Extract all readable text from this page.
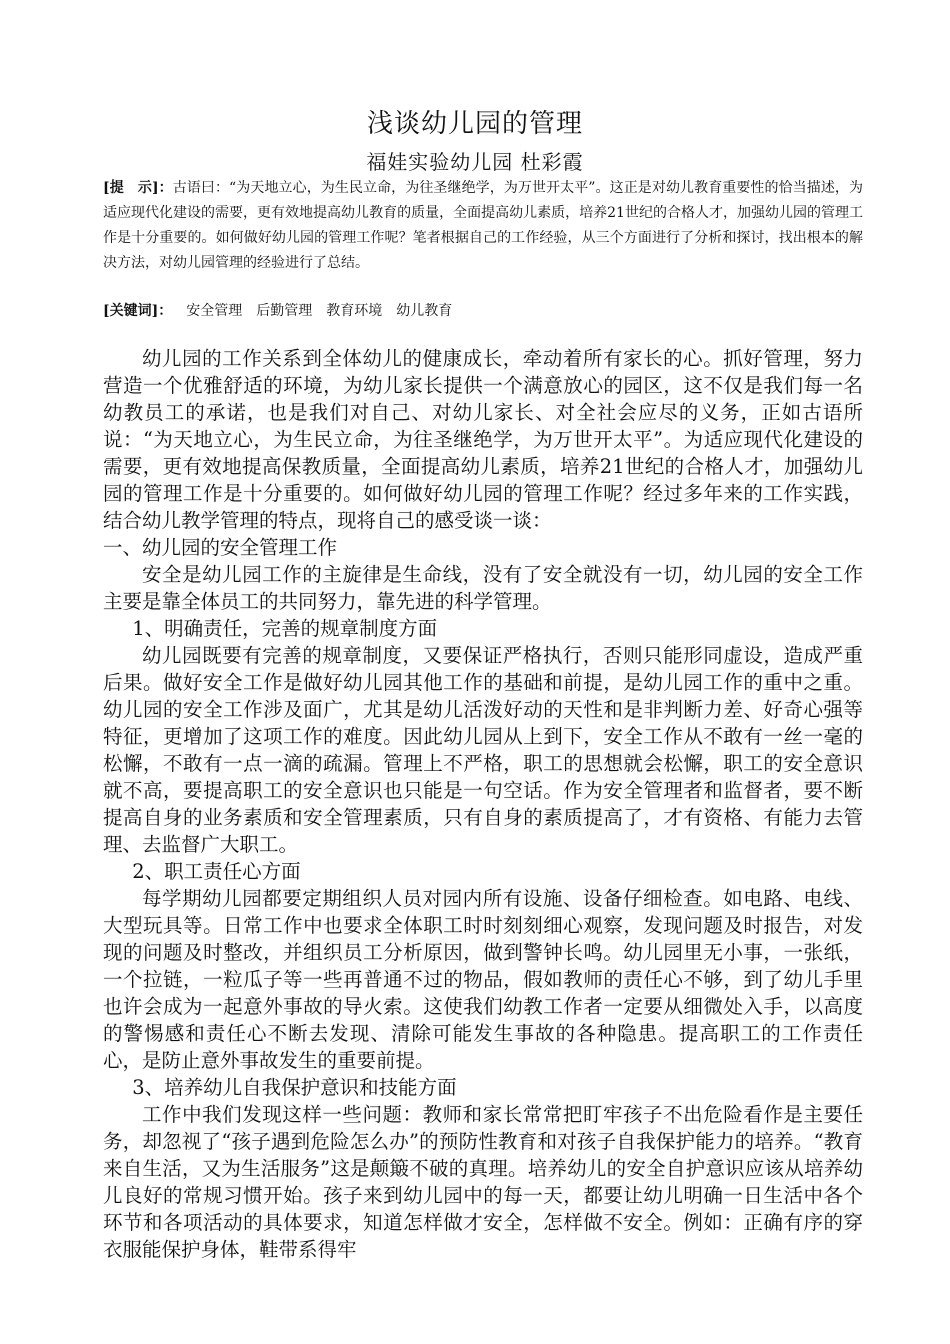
浅谈幼儿园的管理
福娃实验幼儿园 杜彩霞
[提　示]：古语曰：“为天地立心，为生民立命，为往圣继绝学，为万世开太平”。这正是对幼儿教育重要性的恰当描述，为适应现代化建设的需要，更有效地提高幼儿教育的质量，全面提高幼儿素质，培养21世纪的合格人才，加强幼儿园的管理工作是十分重要的。如何做好幼儿园的管理工作呢？笔者根据自己的工作经验，从三个方面进行了分析和探讨，找出根本的解决方法，对幼儿园管理的经验进行了总结。
[关键词]： 安全管理 后勤管理 教育环境 幼儿教育

幼儿园的工作关系到全体幼儿的健康成长，牵动着所有家长的心。抓好管理，努力营造一个优雅舒适的环境，为幼儿家长提供一个满意放心的园区，这不仅是我们每一名幼教员工的承诺，也是我们对自己、对幼儿家长、对全社会应尽的义务，正如古语所说：“为天地立心，为生民立命，为往圣继绝学，为万世开太平”。为适应现代化建设的需要，更有效地提高保教质量，全面提高幼儿素质，培养21世纪的合格人才，加强幼儿园的管理工作是十分重要的。如何做好幼儿园的管理工作呢？经过多年来的工作实践，结合幼儿教学管理的特点，现将自己的感受谈一谈：

一、幼儿园的安全管理工作

安全是幼儿园工作的主旋律是生命线，没有了安全就没有一切，幼儿园的安全工作主要是靠全体员工的共同努力，靠先进的科学管理。

1、明确责任，完善的规章制度方面

幼儿园既要有完善的规章制度，又要保证严格执行，否则只能形同虚设，造成严重后果。做好安全工作是做好幼儿园其他工作的基础和前提，是幼儿园工作的重中之重。幼儿园的安全工作涉及面广，尤其是幼儿活泼好动的天性和是非判断力差、好奇心强等特征，更增加了这项工作的难度。因此幼儿园从上到下，安全工作从不敢有一丝一毫的松懈，不敢有一点一滴的疏漏。管理上不严格，职工的思想就会松懈，职工的安全意识就不高，要提高职工的安全意识也只能是一句空话。作为安全管理者和监督者，要不断提高自身的业务素质和安全管理素质，只有自身的素质提高了，才有资格、有能力去管理、去监督广大职工。

2、职工责任心方面

每学期幼儿园都要定期组织人员对园内所有设施、设备仔细检查。如电路、电线、大型玩具等。日常工作中也要求全体职工时时刻刻细心观察，发现问题及时报告，对发现的问题及时整改，并组织员工分析原因，做到警钟长鸣。幼儿园里无小事，一张纸，一个拉链，一粒瓜子等一些再普通不过的物品，假如教师的责任心不够，到了幼儿手里也许会成为一起意外事故的导火索。这使我们幼教工作者一定要从细微处入手，以高度的警惕感和责任心不断去发现、清除可能发生事故的各种隐患。提高职工的工作责任心，是防止意外事故发生的重要前提。

3、培养幼儿自我保护意识和技能方面

工作中我们发现这样一些问题：教师和家长常常把盯牢孩子不出危险看作是主要任务，却忽视了“孩子遇到危险怎么办”的预防性教育和对孩子自我保护能力的培养。“教育来自生活，又为生活服务”这是颠簸不破的真理。培养幼儿的安全自护意识应该从培养幼儿良好的常规习惯开始。孩子来到幼儿园中的每一天，都要让幼儿明确一日生活中各个环节和各项活动的具体要求，知道怎样做才安全，怎样做不安全。例如：正确有序的穿衣服能保护身体，鞋带系得牢
